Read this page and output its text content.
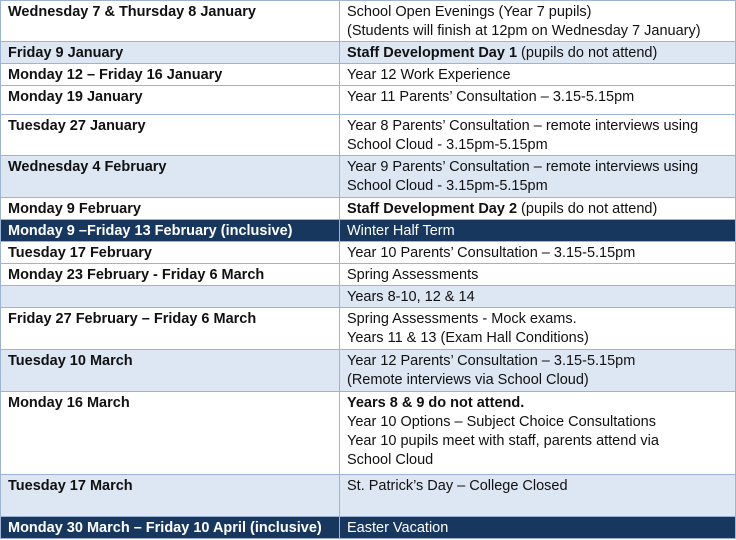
Wednesday 7 & Thursday 8 January	School Open Evenings (Year 7 pupils)
(Students will finish at 12pm on Wednesday 7 January)

Friday 9 January	Staff Development Day 1 (pupils do not attend)

Monday 12 – Friday 16 January	Year 12 Work Experience

Monday 19 January	Year 11 Parents’ Consultation – 3.15-5.15pm

Tuesday 27 January	Year 8 Parents’ Consultation – remote interviews using
School Cloud - 3.15pm-5.15pm

Wednesday 4 February	Year 9 Parents’ Consultation – remote interviews using
School Cloud - 3.15pm-5.15pm

Monday 9 February	Staff Development Day 2 (pupils do not attend)

Monday 9 –Friday 13 February (inclusive)	Winter Half Term

Tuesday 17 February	Year 10 Parents’ Consultation – 3.15-5.15pm

Monday 23 February - Friday 6 March	Spring Assessments

	Years 8-10, 12 & 14

Friday 27 February – Friday 6 March	Spring Assessments - Mock exams.
Years 11 & 13 (Exam Hall Conditions)

Tuesday 10 March	Year 12 Parents’ Consultation – 3.15-5.15pm
(Remote interviews via School Cloud)

Monday 16 March	Years 8 & 9 do not attend.
Year 10 Options – Subject Choice Consultations
Year 10 pupils meet with staff, parents attend via
School Cloud

Tuesday 17 March	St. Patrick’s Day – College Closed

Monday 30 March – Friday 10 April (inclusive)	Easter Vacation
